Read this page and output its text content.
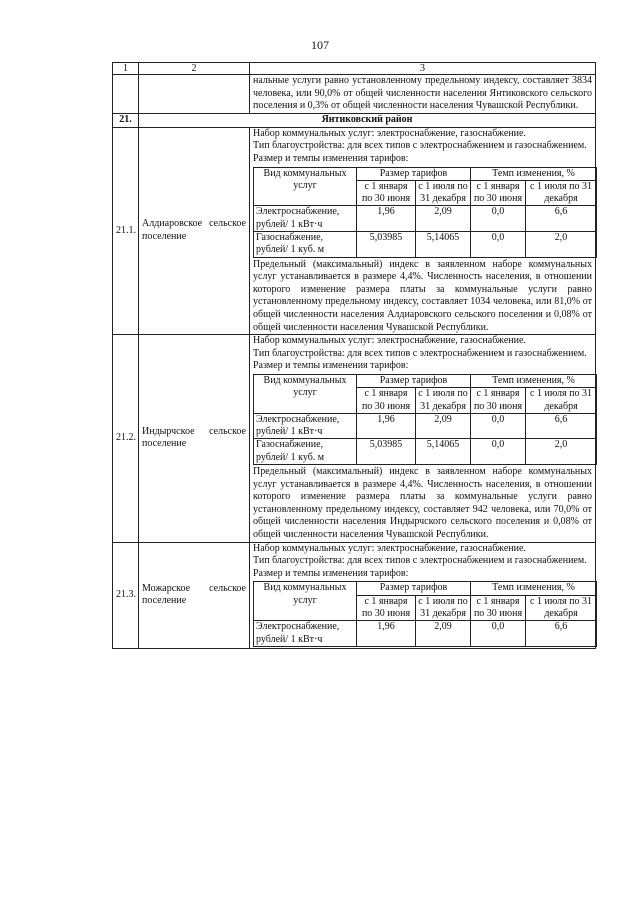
107
1	2	3

нальные услуги равно установленному предельному индексу, составляет 3834 человека, или 90,0% от общей численности населения Янтиковского сельского поселения и 0,3% от общей численности населения Чувашской Республики.

21.	Янтиковский район
21.1.	Алдиаровское сельское поселение	

Набор коммунальных услуг: электроснабжение, газоснабжение.

Тип благоустройства: для всех типов с электроснабжением и газоснабжением.

Размер и темпы изменения тарифов:

Вид коммунальных услуг	Размер тарифов	Темп изменения, %
с 1 января по 30 июня	с 1 июля по 31 декабря	с 1 января по 30 июня	с 1 июля по 31 декабря
Электроснабжение, рублей/ 1 кВт·ч	1,96	2,09	0,0	6,6
Газоснабжение, рублей/ 1 куб. м	5,03985	5,14065	0,0	2,0

Предельный (максимальный) индекс в заявленном наборе коммунальных услуг устанавливается в размере 4,4%. Численность населения, в отношении которого изменение размера платы за коммунальные услуги равно установленному предельному индексу, составляет 1034 человека, или 81,0% от общей численности населения Алдиаровского сельского поселения и 0,08% от общей численности населения Чувашской Республики.

21.2.	Индырчское сельское поселение	

Набор коммунальных услуг: электроснабжение, газоснабжение.

Тип благоустройства: для всех типов с электроснабжением и газоснабжением.

Размер и темпы изменения тарифов:

Вид коммунальных услуг	Размер тарифов	Темп изменения, %
с 1 января по 30 июня	с 1 июля по 31 декабря	с 1 января по 30 июня	с 1 июля по 31 декабря
Электроснабжение, рублей/ 1 кВт·ч	1,96	2,09	0,0	6,6
Газоснабжение, рублей/ 1 куб. м	5,03985	5,14065	0,0	2,0

Предельный (максимальный) индекс в заявленном наборе коммунальных услуг устанавливается в размере 4,4%. Численность населения, в отношении которого изменение размера платы за коммунальные услуги равно установленному предельному индексу, составляет 942 человека, или 70,0% от общей численности населения Индырчского сельского поселения и 0,08% от общей численности населения Чувашской Республики.

21.3.	Можарское сельское поселение	

Набор коммунальных услуг: электроснабжение, газоснабжение.

Тип благоустройства: для всех типов с электроснабжением и газоснабжением.

Размер и темпы изменения тарифов:

Вид коммунальных услуг	Размер тарифов	Темп изменения, %
с 1 января по 30 июня	с 1 июля по 31 декабря	с 1 января по 30 июня	с 1 июля по 31 декабря
Электроснабжение, рублей/ 1 кВт·ч	1,96	2,09	0,0	6,6
